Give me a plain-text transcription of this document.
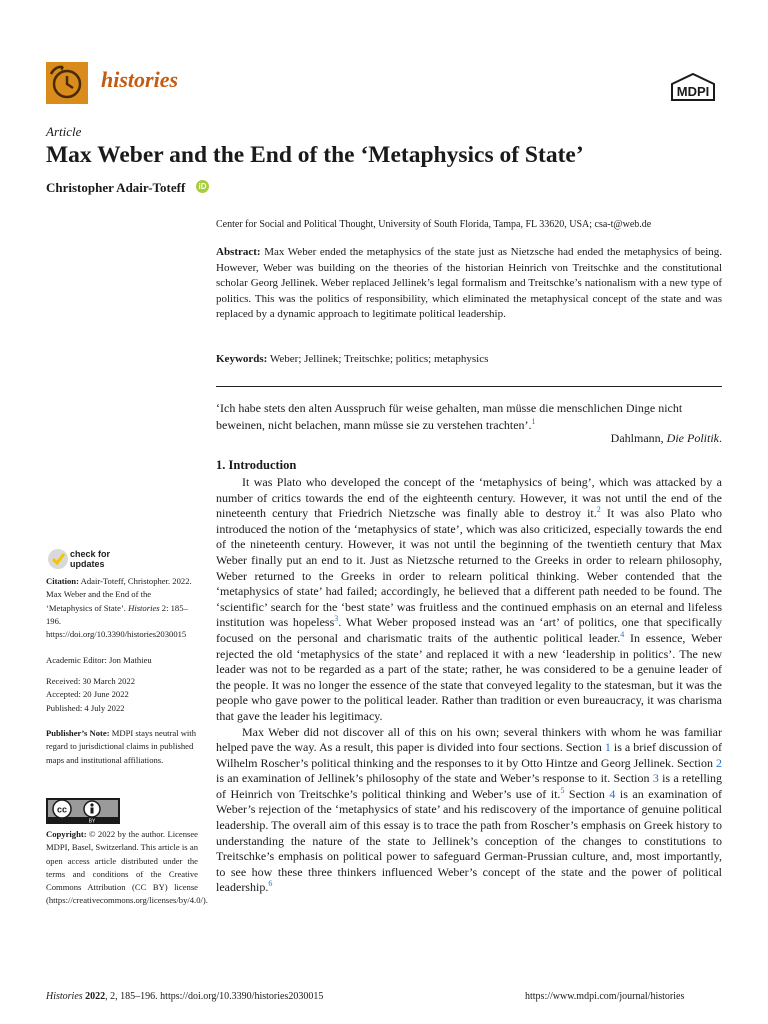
histories	MDPI
Article
Max Weber and the End of the ‘Metaphysics of State’
Christopher Adair-Toteff	iD
Center for Social and Political Thought, University of South Florida, Tampa, FL 33620, USA; csa-t@web.de
Abstract: Max Weber ended the metaphysics of the state just as Nietzsche had ended the metaphysics of being. However, Weber was building on the theories of the historian Heinrich von Treitschke and the constitutional scholar Georg Jellinek. Weber replaced Jellinek’s legal formalism and Treitschke’s nationalism with a new type of politics. This was the politics of responsibility, which eliminated the metaphysical concept of the state and was replaced by a dynamic approach to legitimate political leadership.
Keywords: Weber; Jellinek; Treitschke; politics; metaphysics
‘Ich habe stets den alten Ausspruch für weise gehalten, man müsse die menschlichen Dinge nicht beweinen, nicht belachen, mann müsse sie zu verstehen trachten’.$^1$
Dahlmann, Die Politik.
1. Introduction

It was Plato who developed the concept of the ‘metaphysics of being’, which was attacked by a number of critics towards the end of the eighteenth century. However, it was not until the end of the nineteenth century that Friedrich Nietzsche was finally able to destroy it.$^2$ It was also Plato who introduced the notion of the ‘metaphysics of state’, which was also criticized, especially towards the end of the nineteenth century. However, it was not until the beginning of the twentieth century that Max Weber finally put an end to it. Just as Nietzsche returned to the Greeks in order to relearn philosophy, Weber returned to the Greeks in order to relearn political thinking. Weber contended that the ‘metaphysics of state’ had failed; accordingly, he believed that a different path needed to be found. The ‘scientific’ search for the ‘best state’ was fruitless and the continued emphasis on an eternal and lifeless institution was hopeless$^3$. What Weber proposed instead was an ‘art’ of politics, one that specifically focused on the personal and charismatic traits of the authentic political leader.$^4$ In essence, Weber rejected the old ‘metaphysics of the state’ and replaced it with a new ‘leadership in politics’. The new leader was not to be regarded as a part of the state; rather, he was considered to be a genuine leader of the people. It was no longer the essence of the state that conveyed legality to the statesman, but it was the people who gave power to the political leader. Rather than tradition or even bureaucracy, it was charisma that gave the leader his legitimacy.

Max Weber did not discover all of this on his own; several thinkers with whom he was familiar helped pave the way. As a result, this paper is divided into four sections. Section 1 is a brief discussion of Wilhelm Roscher’s political thinking and the responses to it by Otto Hintze and Georg Jellinek. Section 2 is an examination of Jellinek’s philosophy of the state and Weber’s response to it. Section 3 is a retelling of Heinrich von Treitschke’s political thinking and Weber’s use of it.$^5$ Section 4 is an examination of Weber’s rejection of the ‘metaphysics of state’ and his rediscovery of the importance of genuine political leadership. The overall aim of this essay is to trace the path from Roscher’s emphasis on Greek history to understanding the nature of the state to Jellinek’s conception of the changes to constitutions to Treitschke’s emphasis on political power to safeguard German-Prussian culture, and, most importantly, to see how these three thinkers influenced Weber’s concept of the state and the power of political leadership.$^6$

check for
updates
Citation: Adair-Toteff, Christopher. 2022. Max Weber and the End of the ‘Metaphysics of State’. Histories 2: 185–196. https://doi.org/10.3390/histories2030015
Academic Editor: Jon Mathieu
Received: 30 March 2022
Accepted: 20 June 2022
Published: 4 July 2022
Publisher’s Note: MDPI stays neutral with regard to jurisdictional claims in published maps and institutional affiliations.
cc
BY
Copyright: © 2022 by the author. Licensee MDPI, Basel, Switzerland. This article is an open access article distributed under the terms and conditions of the Creative Commons Attribution (CC BY) license (https://creativecommons.org/licenses/by/4.0/).
Histories 2022, 2, 185–196. https://doi.org/10.3390/histories2030015	https://www.mdpi.com/journal/histories
